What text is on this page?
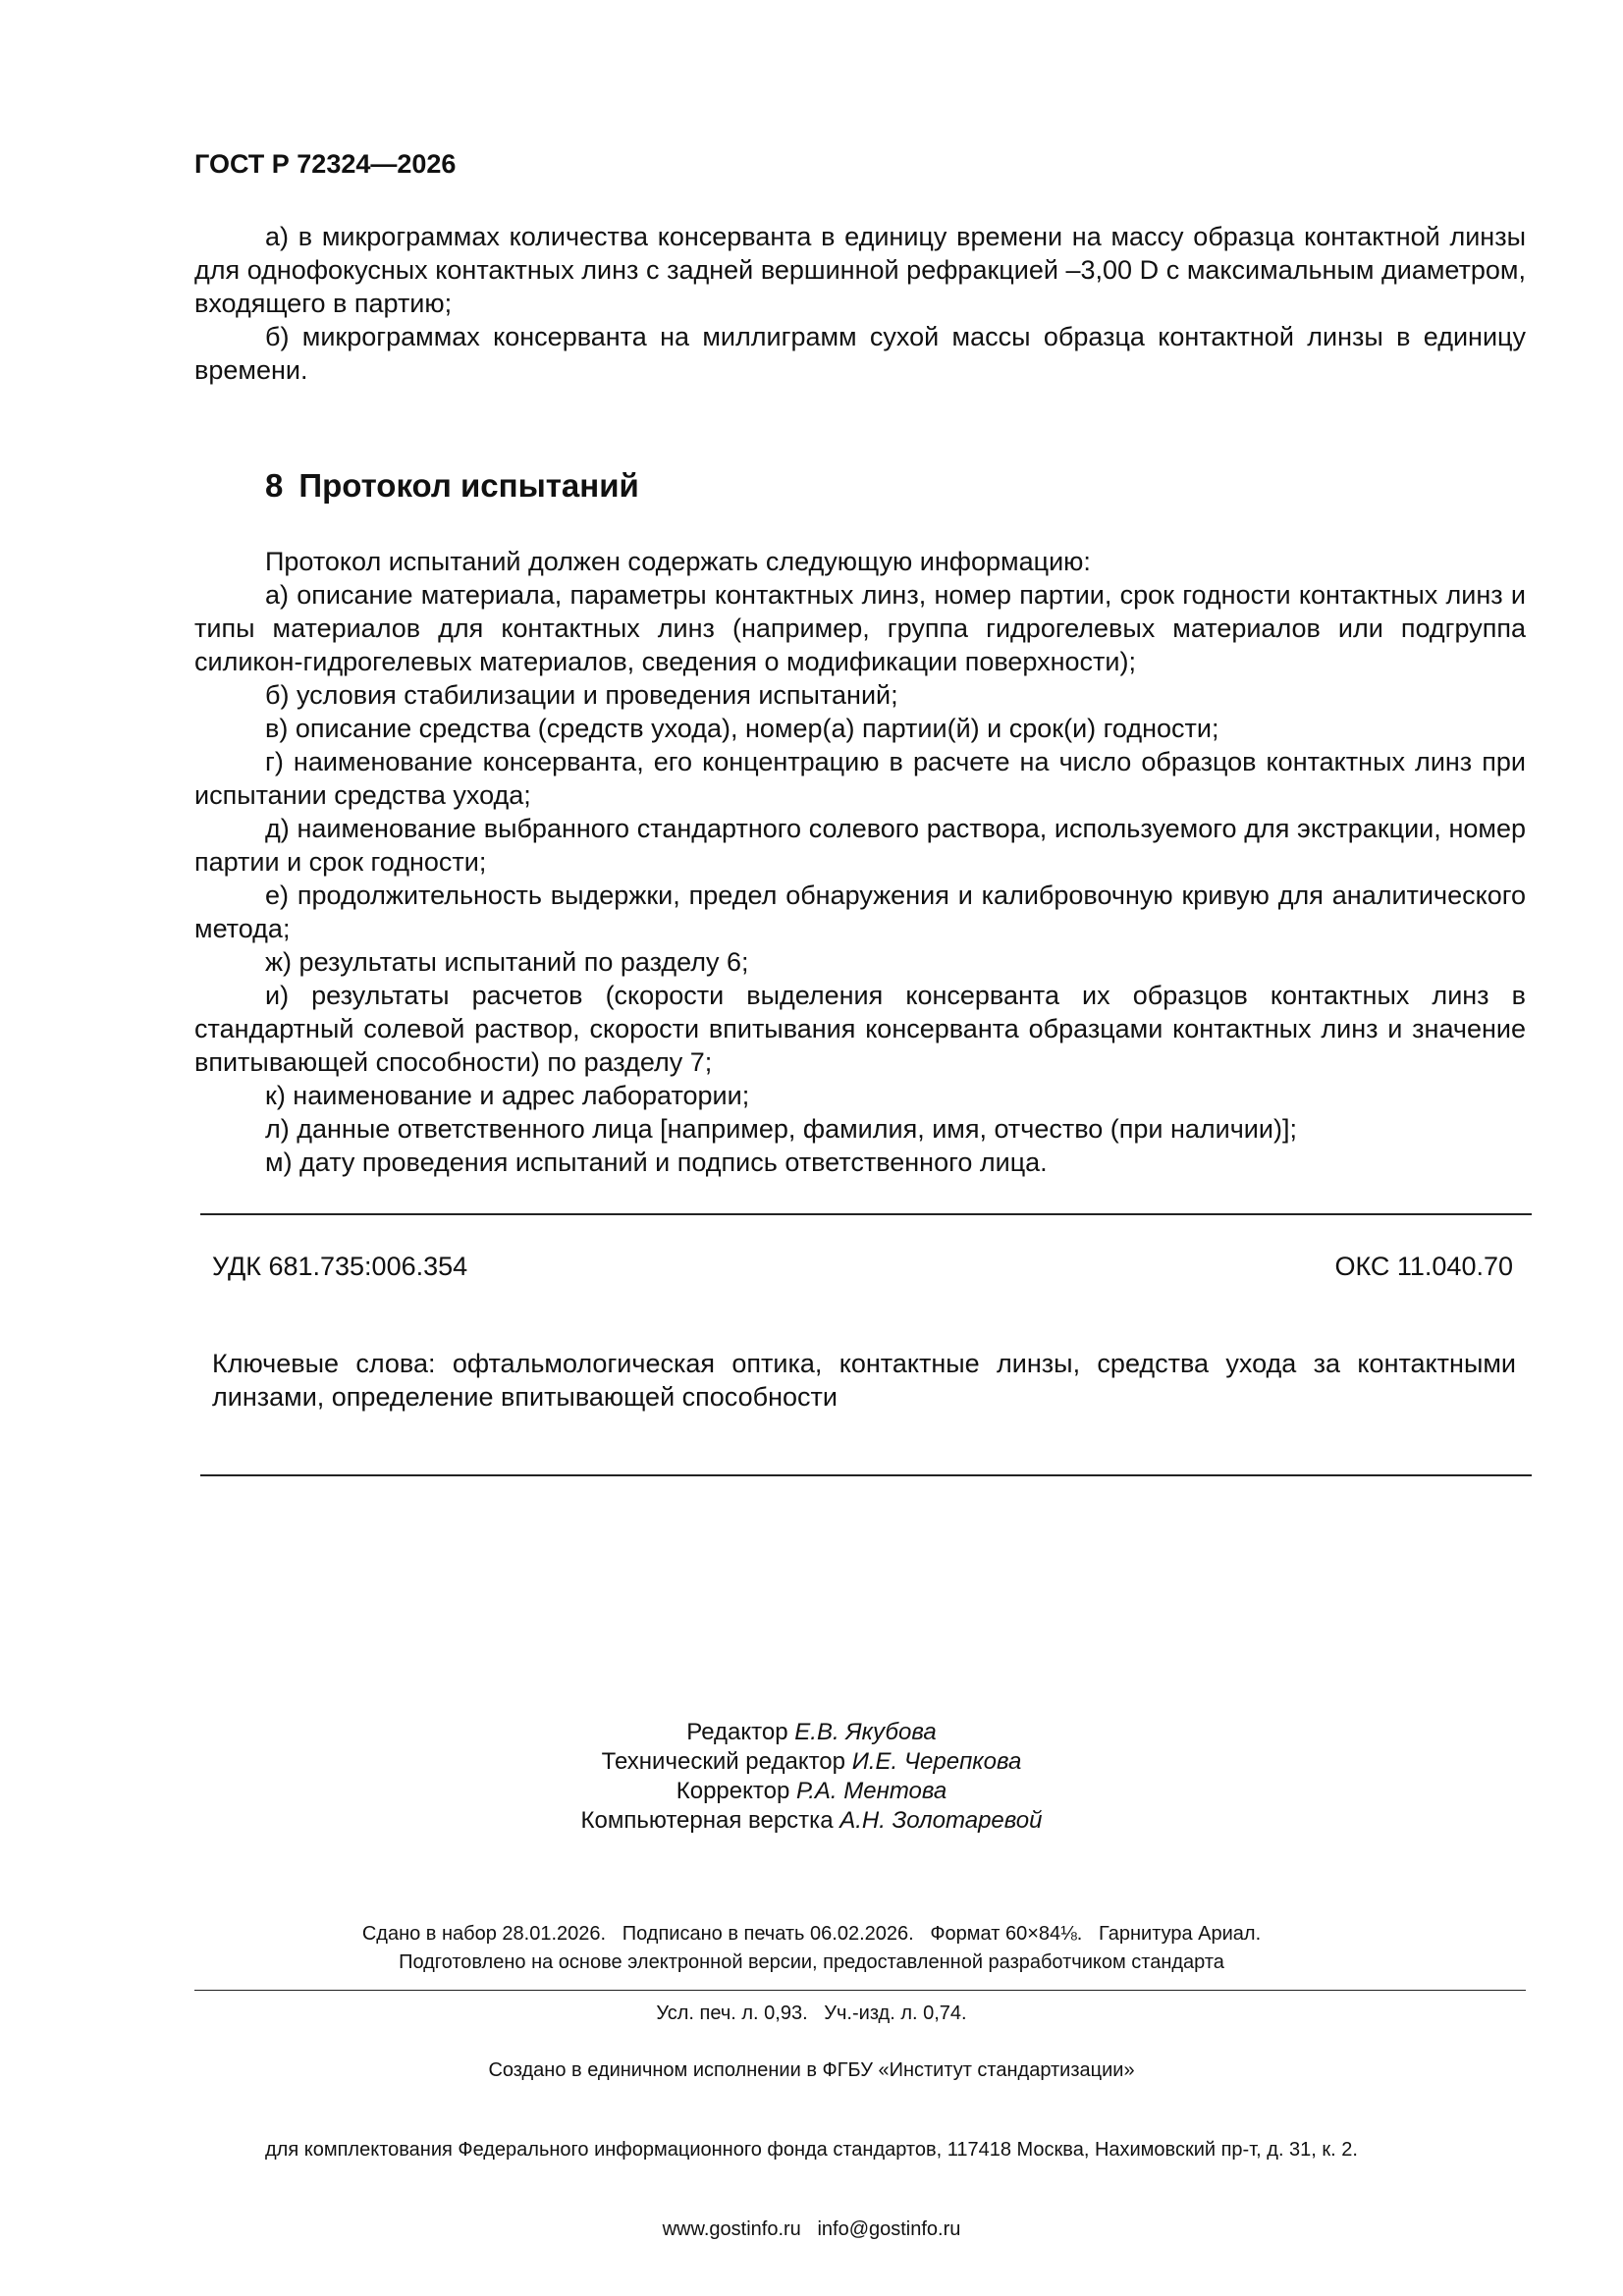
ГОСТ Р 72324—2026

а) в микрограммах количества консерванта в единицу времени на массу образца контактной линзы для однофокусных контактных линз с задней вершинной рефракцией –3,00 D с максимальным диаметром, входящего в партию;

б) микрограммах консерванта на миллиграмм сухой массы образца контактной линзы в единицу времени.

8 Протокол испытаний

Протокол испытаний должен содержать следующую информацию:

а) описание материала, параметры контактных линз, номер партии, срок годности контактных линз и типы материалов для контактных линз (например, группа гидрогелевых материалов или подгруппа силикон-гидрогелевых материалов, сведения о модификации поверхности);

б) условия стабилизации и проведения испытаний;

в) описание средства (средств ухода), номер(а) партии(й) и срок(и) годности;

г) наименование консерванта, его концентрацию в расчете на число образцов контактных линз при испытании средства ухода;

д) наименование выбранного стандартного солевого раствора, используемого для экстракции, номер партии и срок годности;

е) продолжительность выдержки, предел обнаружения и калибровочную кривую для аналитического метода;

ж) результаты испытаний по разделу 6;

и) результаты расчетов (скорости выделения консерванта их образцов контактных линз в стандартный солевой раствор, скорости впитывания консерванта образцами контактных линз и значение впитывающей способности) по разделу 7;

к) наименование и адрес лаборатории;

л) данные ответственного лица [например, фамилия, имя, отчество (при наличии)];

м) дату проведения испытаний и подпись ответственного лица.

УДК 681.735:006.354	ОКС 11.040.70
Ключевые слова: офтальмологическая оптика, контактные линзы, средства ухода за контактными линзами, определение впитывающей способности
Редактор Е.В. Якубова
Технический редактор И.Е. Черепкова
Корректор Р.А. Ментова
Компьютерная верстка А.Н. Золотаревой

Сдано в набор 28.01.2026.   Подписано в печать 06.02.2026.   Формат 60×84⅛.   Гарнитура Ариал.

Усл. печ. л. 0,93.   Уч.-изд. л. 0,74.

Подготовлено на основе электронной версии, предоставленной разработчиком стандарта

Создано в единичном исполнении в ФГБУ «Институт стандартизации»

для комплектования Федерального информационного фонда стандартов, 117418 Москва, Нахимовский пр-т, д. 31, к. 2.

www.gostinfo.ru   info@gostinfo.ru
